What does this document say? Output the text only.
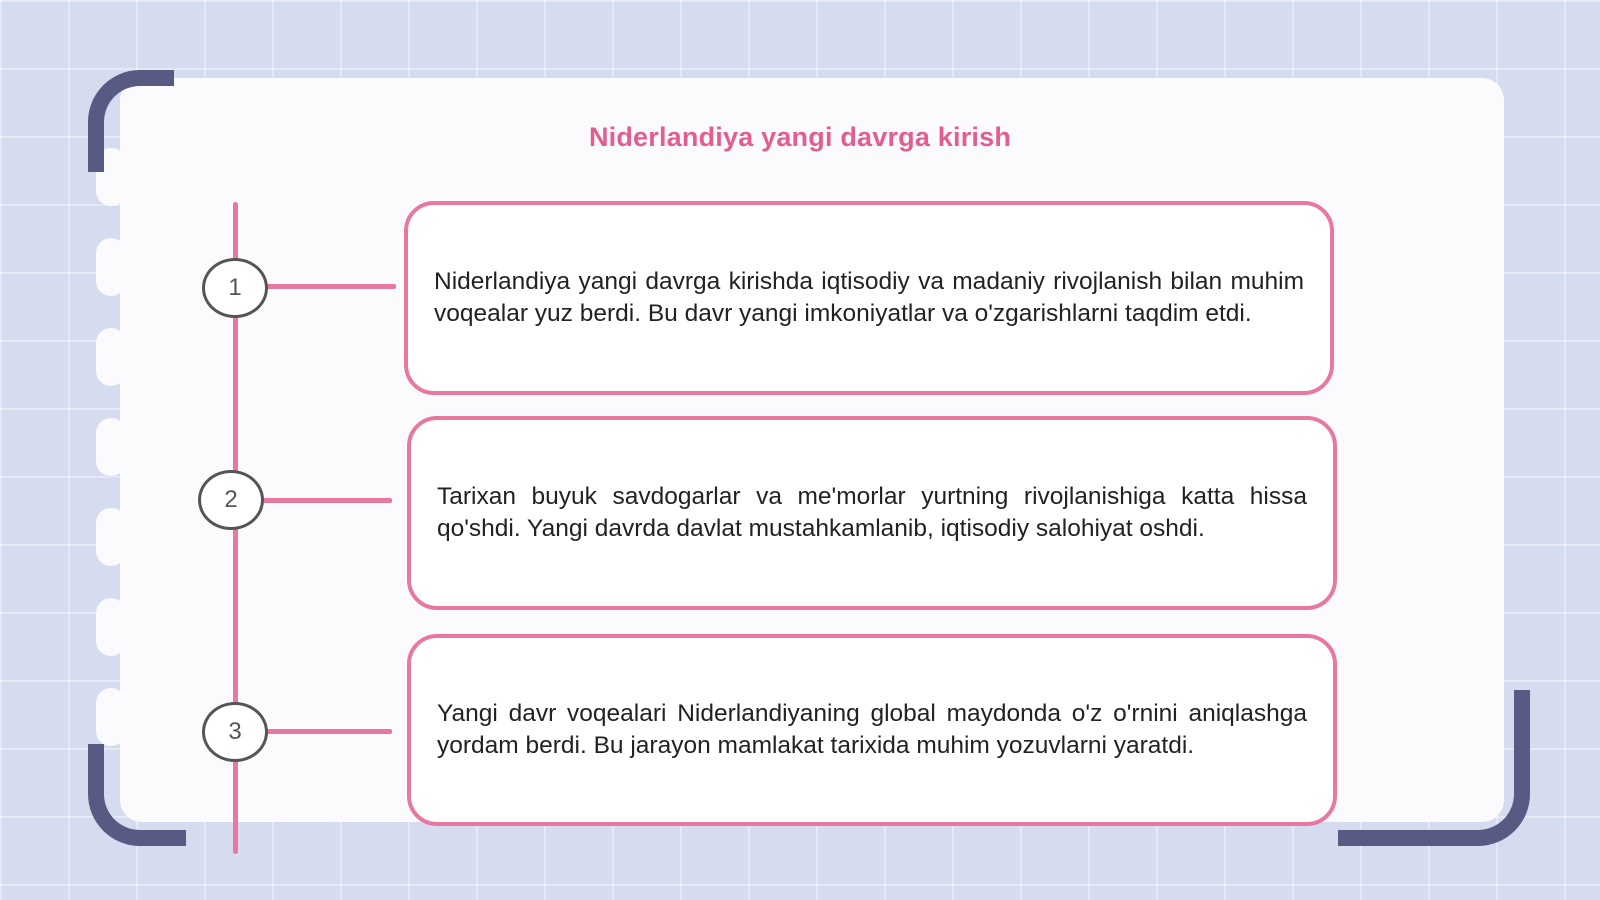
Niderlandiya yangi davrga kirish
1
2
3

Niderlandiya yangi davrga kirishda iqtisodiy va madaniy rivojlanish bilan muhim voqealar yuz berdi. Bu davr yangi imkoniyatlar va o'zgarishlarni taqdim etdi.

Tarixan buyuk savdogarlar va me'morlar yurtning rivojlanishiga katta hissa qo'shdi. Yangi davrda davlat mustahkamlanib, iqtisodiy salohiyat oshdi.

Yangi davr voqealari Niderlandiyaning global maydonda o'z o'rnini aniqlashga yordam berdi. Bu jarayon mamlakat tarixida muhim yozuvlarni yaratdi.
